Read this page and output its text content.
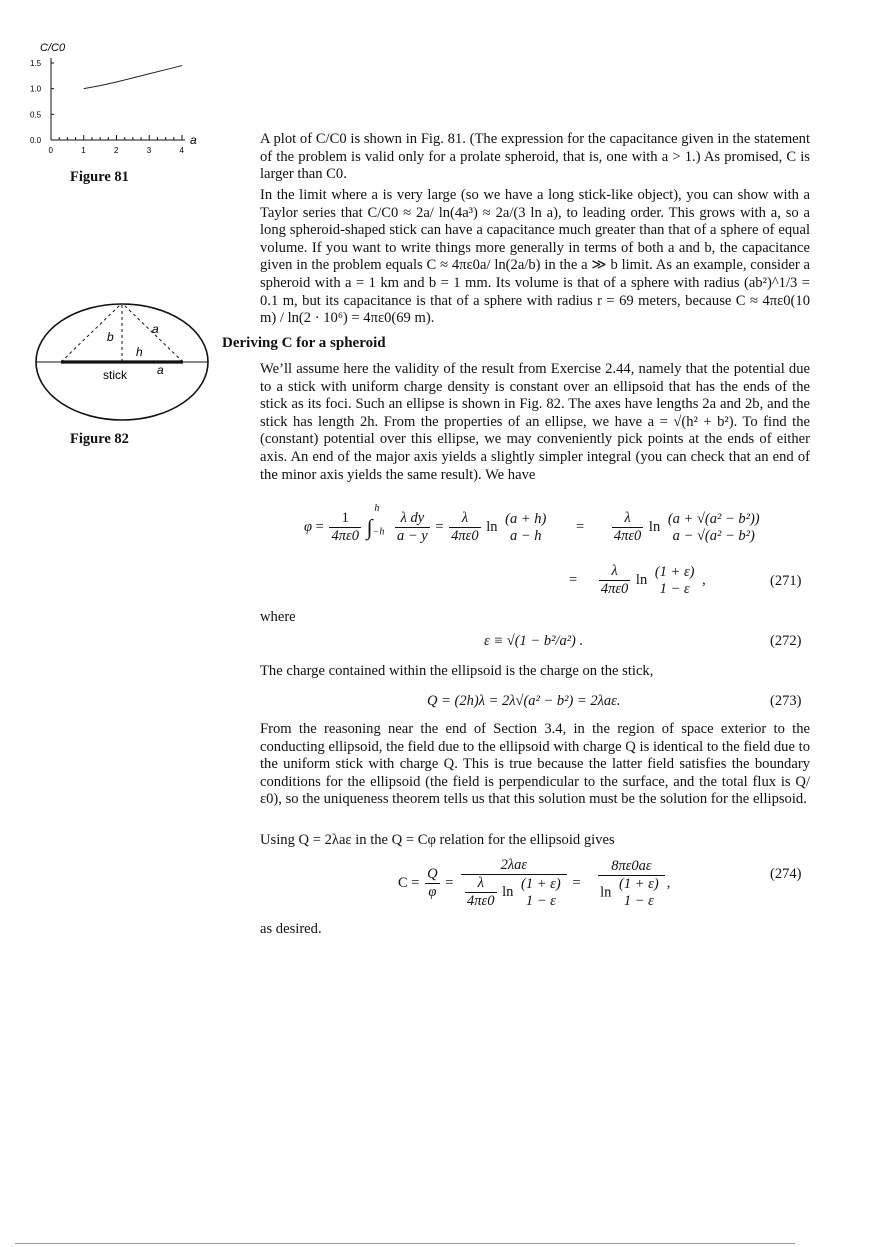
C/C0
1.5
1.0
0.5
0.0
0	1	2	3	4
a
Figure 81
a
b
h
stick	a
Figure 82

A plot of C/C0 is shown in Fig. 81. (The expression for the capacitance given in the statement of the problem is valid only for a prolate spheroid, that is, one with a > 1.) As promised, C is larger than C0.

In the limit where a is very large (so we have a long stick-like object), you can show with a Taylor series that C/C0 ≈ 2a/ ln(4a³) ≈ 2a/(3 ln a), to leading order. This grows with a, so a long spheroid-shaped stick can have a capacitance much greater than that of a sphere of equal volume. If you want to write things more generally in terms of both a and b, the capacitance given in the problem equals C ≈ 4πε0a/ ln(2a/b) in the a ≫ b limit. As an example, consider a spheroid with a = 1 km and b = 1 mm. Its volume is that of a sphere with radius (ab²)^1/3 = 0.1 m, but its capacitance is that of a sphere with radius r = 69 meters, because C ≈ 4πε0(10 m) / ln(2 · 10⁶) = 4πε0(69 m).

Deriving C for a spheroid

We’ll assume here the validity of the result from Exercise 2.44, namely that the potential due to a stick with uniform charge density is constant over an ellipsoid that has the ends of the stick as its foci. Such an ellipse is shown in Fig. 82. The axes have lengths 2a and 2b, and the stick has length 2h. From the properties of an ellipse, we have a = √(h² + b²). To find the (constant) potential over this ellipse, we may conveniently pick points at the ends of either axis. An end of the major axis yields a slightly simpler integral (you can check that an end of the minor axis yields the same result). We have

$\varphi = \frac{1}{4\pi\varepsilon 0} \int_{-h}^h$
$\frac{\text{λ dy}}{a - y} = \frac{\lambda}{4\pi\varepsilon 0}$ ln
(a + h)
a − h
= $\frac{\lambda}{4\pi\varepsilon 0}$ ln
(a + √(a² − b²))
a − √(a² − b²)
= $\frac{\lambda}{4\pi\varepsilon 0}$ ln
(1 + ε)
1 − ε
,	(271)
where
ε ≡ √(1 − b²/a²) .	(272)

The charge contained within the ellipsoid is the charge on the stick,

Q = (2h)λ = 2λ√(a² − b²) = 2λaε.	(273)

From the reasoning near the end of Section 3.4, in the region of space exterior to the conducting ellipsoid, the field due to the ellipsoid with charge Q is identical to the field due to the uniform stick with charge Q. This is true because the latter field satisfies the boundary conditions for the ellipsoid (the field is perpendicular to the surface, and the total flux is Q/ε0), so the uniqueness theorem tells us that this solution must be the solution for the ellipsoid.

Using Q = 2λaε in the Q = Cφ relation for the ellipsoid gives

$C = \frac{Q}{\varphi} = 2\lambda a\varepsilon$
$\frac{\lambda}{4\pi\varepsilon 0}$ ln
(1 + ε)
1 − ε = 8πε0aε
ln
(1 + ε)
1 − ε ,
(274)

as desired.
